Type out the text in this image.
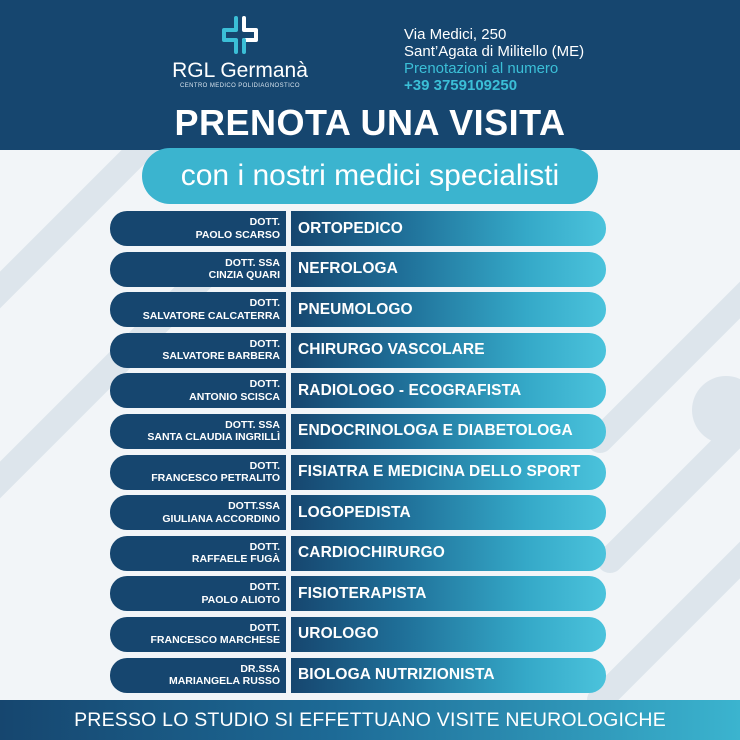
RGL Germanà
CENTRO MEDICO POLIDIAGNOSTICO
Via Medici, 250
Sant’Agata di Militello (ME)
Prenotazioni al numero
+39 3759109250
PRENOTA UNA VISITA
con i nostri medici specialisti
DOTT.
PAOLO SCARSO ORTOPEDICO
DOTT. SSA
CINZIA QUARI NEFROLOGA
DOTT.
SALVATORE CALCATERRA PNEUMOLOGO
DOTT.
SALVATORE BARBERA CHIRURGO VASCOLARE
DOTT.
ANTONIO SCISCA RADIOLOGO - ECOGRAFISTA
DOTT. SSA
SANTA CLAUDIA INGRILLÌ ENDOCRINOLOGA E DIABETOLOGA
DOTT.
FRANCESCO PETRALITO FISIATRA E MEDICINA DELLO SPORT
DOTT.SSA
GIULIANA ACCORDINO LOGOPEDISTA
DOTT.
RAFFAELE FUGÀ CARDIOCHIRURGO
DOTT.
PAOLO ALIOTO FISIOTERAPISTA
DOTT.
FRANCESCO MARCHESE UROLOGO
DR.SSA
MARIANGELA RUSSO BIOLOGA NUTRIZIONISTA
PRESSO LO STUDIO SI EFFETTUANO VISITE NEUROLOGICHE
